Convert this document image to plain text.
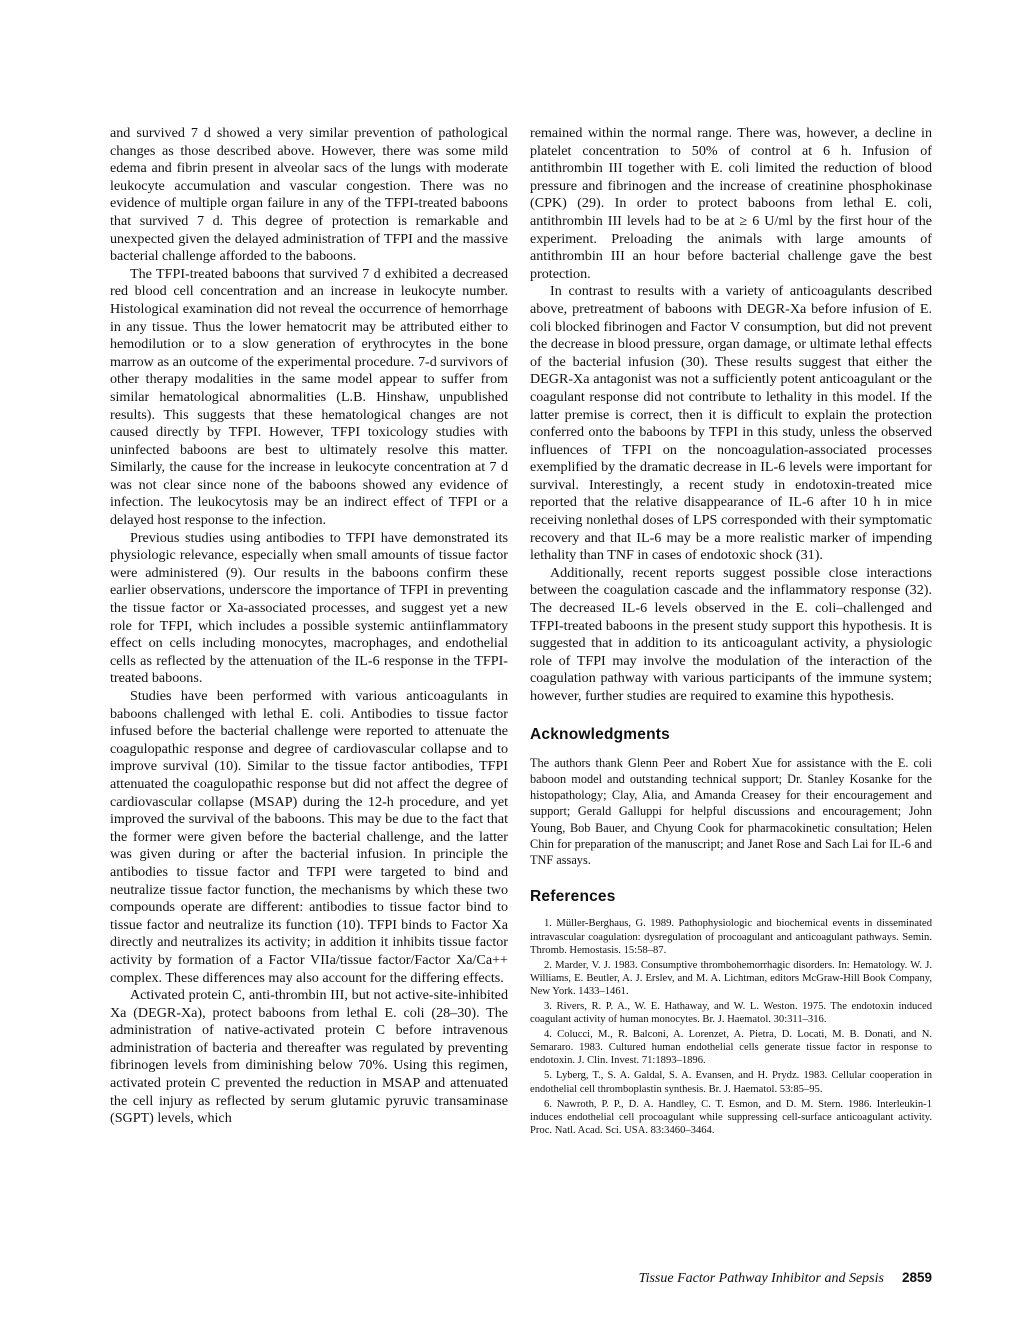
and survived 7 d showed a very similar prevention of pathological changes as those described above. However, there was some mild edema and fibrin present in alveolar sacs of the lungs with moderate leukocyte accumulation and vascular congestion. There was no evidence of multiple organ failure in any of the TFPI-treated baboons that survived 7 d. This degree of protection is remarkable and unexpected given the delayed administration of TFPI and the massive bacterial challenge afforded to the baboons.

The TFPI-treated baboons that survived 7 d exhibited a decreased red blood cell concentration and an increase in leukocyte number. Histological examination did not reveal the occurrence of hemorrhage in any tissue. Thus the lower hematocrit may be attributed either to hemodilution or to a slow generation of erythrocytes in the bone marrow as an outcome of the experimental procedure. 7-d survivors of other therapy modalities in the same model appear to suffer from similar hematological abnormalities (L.B. Hinshaw, unpublished results). This suggests that these hematological changes are not caused directly by TFPI. However, TFPI toxicology studies with uninfected baboons are best to ultimately resolve this matter. Similarly, the cause for the increase in leukocyte concentration at 7 d was not clear since none of the baboons showed any evidence of infection. The leukocytosis may be an indirect effect of TFPI or a delayed host response to the infection.

Previous studies using antibodies to TFPI have demonstrated its physiologic relevance, especially when small amounts of tissue factor were administered (9). Our results in the baboons confirm these earlier observations, underscore the importance of TFPI in preventing the tissue factor or Xa-associated processes, and suggest yet a new role for TFPI, which includes a possible systemic antiinflammatory effect on cells including monocytes, macrophages, and endothelial cells as reflected by the attenuation of the IL-6 response in the TFPI-treated baboons.

Studies have been performed with various anticoagulants in baboons challenged with lethal E. coli. Antibodies to tissue factor infused before the bacterial challenge were reported to attenuate the coagulopathic response and degree of cardiovascular collapse and to improve survival (10). Similar to the tissue factor antibodies, TFPI attenuated the coagulopathic response but did not affect the degree of cardiovascular collapse (MSAP) during the 12-h procedure, and yet improved the survival of the baboons. This may be due to the fact that the former were given before the bacterial challenge, and the latter was given during or after the bacterial infusion. In principle the antibodies to tissue factor and TFPI were targeted to bind and neutralize tissue factor function, the mechanisms by which these two compounds operate are different: antibodies to tissue factor bind to tissue factor and neutralize its function (10). TFPI binds to Factor Xa directly and neutralizes its activity; in addition it inhibits tissue factor activity by formation of a Factor VIIa/tissue factor/Factor Xa/Ca++ complex. These differences may also account for the differing effects.

Activated protein C, anti-thrombin III, but not active-site-inhibited Xa (DEGR-Xa), protect baboons from lethal E. coli (28–30). The administration of native-activated protein C before intravenous administration of bacteria and thereafter was regulated by preventing fibrinogen levels from diminishing below 70%. Using this regimen, activated protein C prevented the reduction in MSAP and attenuated the cell injury as reflected by serum glutamic pyruvic transaminase (SGPT) levels, which

remained within the normal range. There was, however, a decline in platelet concentration to 50% of control at 6 h. Infusion of antithrombin III together with E. coli limited the reduction of blood pressure and fibrinogen and the increase of creatinine phosphokinase (CPK) (29). In order to protect baboons from lethal E. coli, antithrombin III levels had to be at ≥ 6 U/ml by the first hour of the experiment. Preloading the animals with large amounts of antithrombin III an hour before bacterial challenge gave the best protection.

In contrast to results with a variety of anticoagulants described above, pretreatment of baboons with DEGR-Xa before infusion of E. coli blocked fibrinogen and Factor V consumption, but did not prevent the decrease in blood pressure, organ damage, or ultimate lethal effects of the bacterial infusion (30). These results suggest that either the DEGR-Xa antagonist was not a sufficiently potent anticoagulant or the coagulant response did not contribute to lethality in this model. If the latter premise is correct, then it is difficult to explain the protection conferred onto the baboons by TFPI in this study, unless the observed influences of TFPI on the noncoagulation-associated processes exemplified by the dramatic decrease in IL-6 levels were important for survival. Interestingly, a recent study in endotoxin-treated mice reported that the relative disappearance of IL-6 after 10 h in mice receiving nonlethal doses of LPS corresponded with their symptomatic recovery and that IL-6 may be a more realistic marker of impending lethality than TNF in cases of endotoxic shock (31).

Additionally, recent reports suggest possible close interactions between the coagulation cascade and the inflammatory response (32). The decreased IL-6 levels observed in the E. coli–challenged and TFPI-treated baboons in the present study support this hypothesis. It is suggested that in addition to its anticoagulant activity, a physiologic role of TFPI may involve the modulation of the interaction of the coagulation pathway with various participants of the immune system; however, further studies are required to examine this hypothesis.

Acknowledgments

The authors thank Glenn Peer and Robert Xue for assistance with the E. coli baboon model and outstanding technical support; Dr. Stanley Kosanke for the histopathology; Clay, Alia, and Amanda Creasey for their encouragement and support; Gerald Galluppi for helpful discussions and encouragement; John Young, Bob Bauer, and Chyung Cook for pharmacokinetic consultation; Helen Chin for preparation of the manuscript; and Janet Rose and Sach Lai for IL-6 and TNF assays.

References
1. Müller-Berghaus, G. 1989. Pathophysiologic and biochemical events in disseminated intravascular coagulation: dysregulation of procoagulant and anticoagulant pathways. Semin. Thromb. Hemostasis. 15:58–87.
2. Marder, V. J. 1983. Consumptive thrombohemorrhagic disorders. In: Hematology. W. J. Williams, E. Beutler, A. J. Erslev, and M. A. Lichtman, editors McGraw-Hill Book Company, New York. 1433–1461.
3. Rivers, R. P. A., W. E. Hathaway, and W. L. Weston. 1975. The endotoxin induced coagulant activity of human monocytes. Br. J. Haematol. 30:311–316.
4. Colucci, M., R. Balconi, A. Lorenzet, A. Pietra, D. Locati, M. B. Donati, and N. Semararo. 1983. Cultured human endothelial cells generate tissue factor in response to endotoxin. J. Clin. Invest. 71:1893–1896.
5. Lyberg, T., S. A. Galdal, S. A. Evansen, and H. Prydz. 1983. Cellular cooperation in endothelial cell thromboplastin synthesis. Br. J. Haematol. 53:85–95.
6. Nawroth, P. P., D. A. Handley, C. T. Esmon, and D. M. Stern. 1986. Interleukin-1 induces endothelial cell procoagulant while suppressing cell-surface anticoagulant activity. Proc. Natl. Acad. Sci. USA. 83:3460–3464.
Tissue Factor Pathway Inhibitor and Sepsis 2859
